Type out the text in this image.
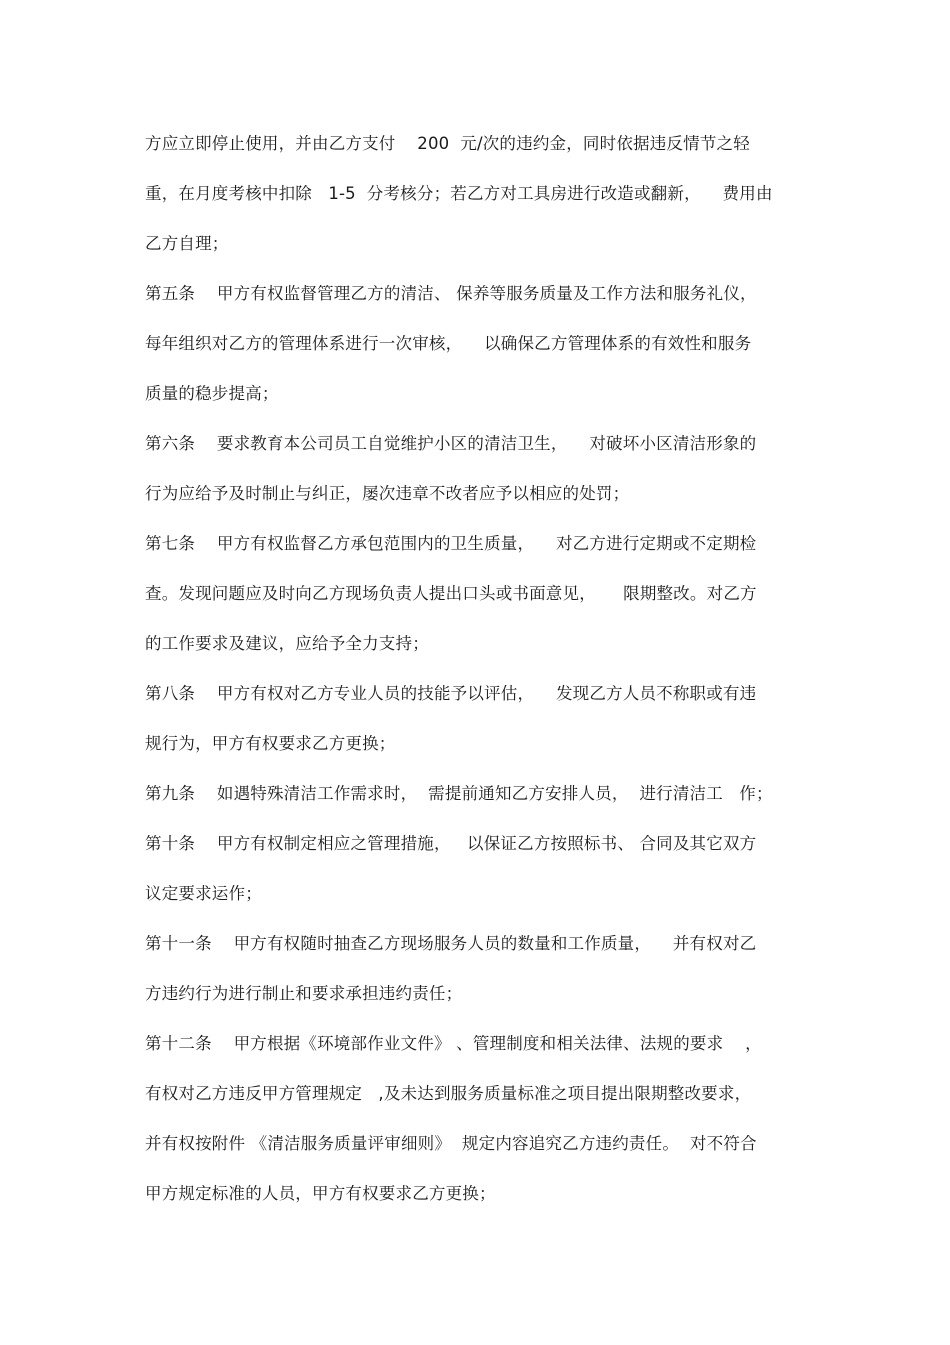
方应立即停止使用，并由乙方支付    200  元/次的违约金，同时依据违反情节之轻
重，在月度考核中扣除   1-5  分考核分；若乙方对工具房进行改造或翻新，    费用由
乙方自理；
第五条    甲方有权监督管理乙方的清洁、 保养等服务质量及工作方法和服务礼仪，
每年组织对乙方的管理体系进行一次审核，    以确保乙方管理体系的有效性和服务
质量的稳步提高；
第六条    要求教育本公司员工自觉维护小区的清洁卫生，    对破坏小区清洁形象的
行为应给予及时制止与纠正，屡次违章不改者应予以相应的处罚；
第七条    甲方有权监督乙方承包范围内的卫生质量，    对乙方进行定期或不定期检
查。发现问题应及时向乙方现场负责人提出口头或书面意见，     限期整改。对乙方
的工作要求及建议，应给予全力支持；
第八条    甲方有权对乙方专业人员的技能予以评估，    发现乙方人员不称职或有违
规行为，甲方有权要求乙方更换；
第九条    如遇特殊清洁工作需求时，  需提前通知乙方安排人员，  进行清洁工   作；
第十条    甲方有权制定相应之管理措施，   以保证乙方按照标书、 合同及其它双方
议定要求运作；
第十一条    甲方有权随时抽查乙方现场服务人员的数量和工作质量，    并有权对乙
方违约行为进行制止和要求承担违约责任；
第十二条    甲方根据《环境部作业文件》 、管理制度和相关法律、法规的要求    ，
有权对乙方违反甲方管理规定   ,及未达到服务质量标准之项目提出限期整改要求，
并有权按附件 《清洁服务质量评审细则》  规定内容追究乙方违约责任。  对不符合
甲方规定标准的人员，甲方有权要求乙方更换；
